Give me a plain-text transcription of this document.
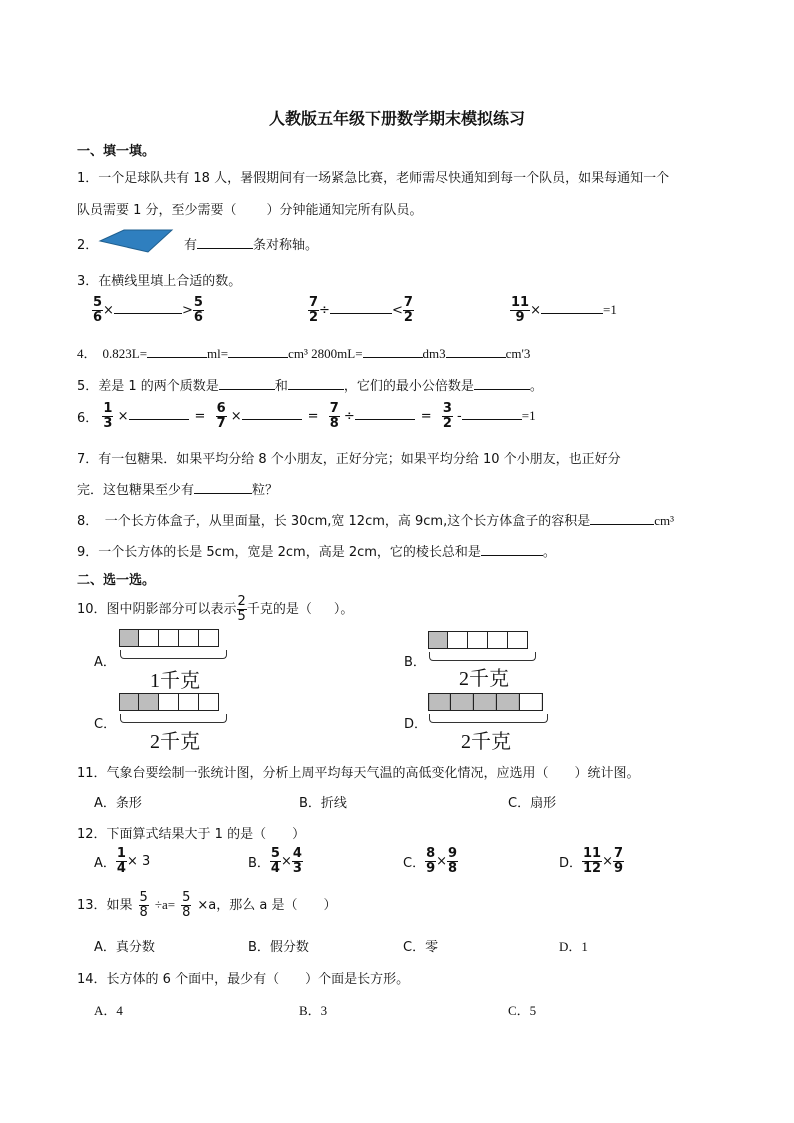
人教版五年级下册数学期末模拟练习
一、填一填。
1．一个足球队共有 18 人，暑假期间有一场紧急比赛，老师需尽快通知到每一个队员，如果每通知一个
队员需要 1 分，至少需要（ ）分钟能通知完所有队员。
2．	有	条对称轴。
3．在横线里填上合适的数。
$\frac{5}{6}$ ×	> $\frac{5}{6}$	$\frac{7}{2}$ ÷	< $\frac{7}{2}$	$\frac{11}{9}$ ×	=1
4． 0.823L=	ml=	cm³ 2800mL=	dm3	cm'3
5．差是 1 的两个质数是	和	，它们的最小公倍数是	。
6． $\frac{1}{3}$ ×	= $\frac{6}{7}$ ×	= $\frac{7}{8}$ ÷	= $\frac{3}{2}$ -	=1
7．有一包糖果．如果平均分给 8 个小朋友，正好分完；如果平均分给 10 个小朋友，也正好分
完．这包糖果至少有	粒？
8．　一个长方体盒子，从里面量，长 30cm,宽 12cm，高 9cm,这个长方体盒子的容积是	cm³
9．一个长方体的长是 5cm，宽是 2cm，高是 2cm，它的棱长总和是	。
二、选一选。
10．图中阴影部分可以表示 $\frac{2}{5}$ 千克的是（ ）。
A．
1千克
B．
2千克
C．
2千克
D．
2千克
11．气象台要绘制一张统计图，分析上周平均每天气温的高低变化情况，应选用（　　）统计图。
A．条形	B．折线	C．扇形
12．下面算式结果大于 1 的是（　　）
A． $\frac{1}{4} \times 3$	B． $\frac{5}{4} \times \frac{4}{3}$	C． $\frac{8}{9} \times \frac{9}{8}$	D． $\frac{11}{12} \times \frac{7}{9}$
13．如果 $\frac{5}{8} \div a= \frac{5}{8} \times a$，那么 a 是（　　）
A．真分数	B．假分数	C．零	D．1
14．长方体的 6 个面中，最少有（　　）个面是长方形。
A．4	B．3	C．5
